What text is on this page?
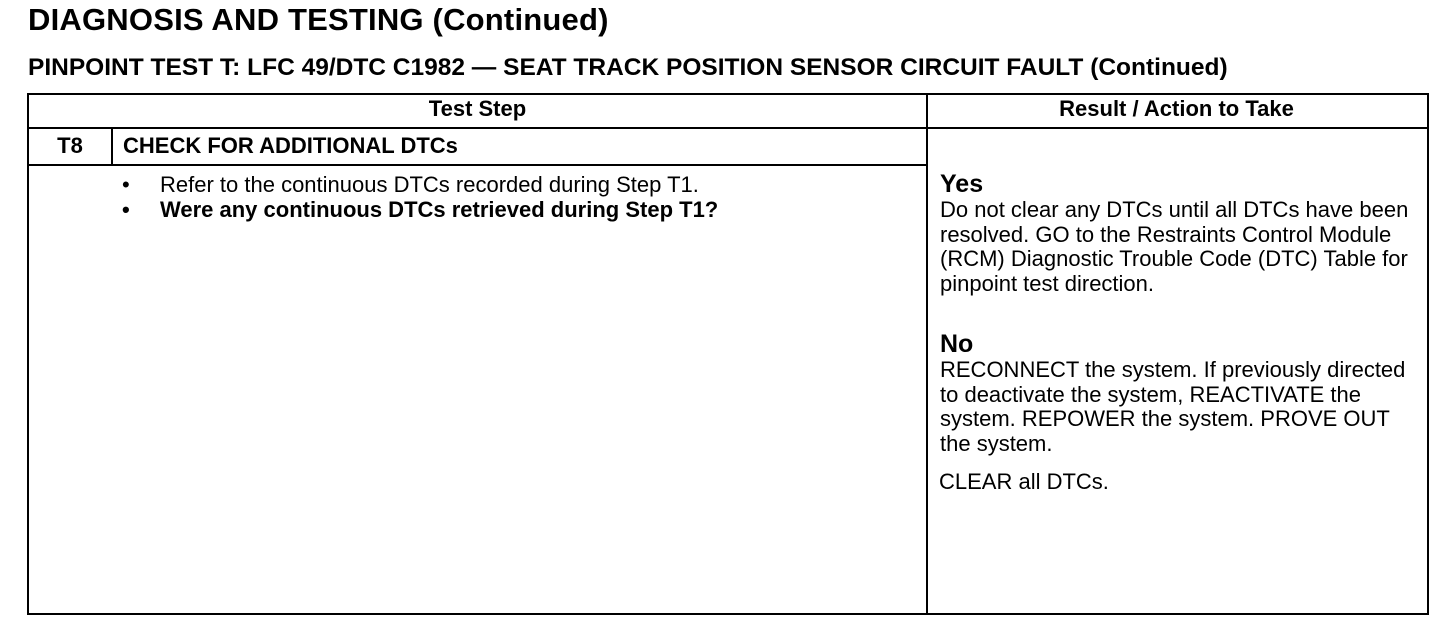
DIAGNOSIS AND TESTING (Continued)
PINPOINT TEST T: LFC 49/DTC C1982 — SEAT TRACK POSITION SENSOR CIRCUIT FAULT (Continued)
Test Step	Result / Action to Take
T8	CHECK FOR ADDITIONAL DTCs
• Refer to the continuous DTCs recorded during Step T1.
• Were any continuous DTCs retrieved during Step T1?
Yes
Do not clear any DTCs until all DTCs have been resolved. GO to the Restraints Control Module (RCM) Diagnostic Trouble Code (DTC) Table for pinpoint test direction.
No
RECONNECT the system. If previously directed to deactivate the system, REACTIVATE the system. REPOWER the system. PROVE OUT the system.
CLEAR all DTCs.
